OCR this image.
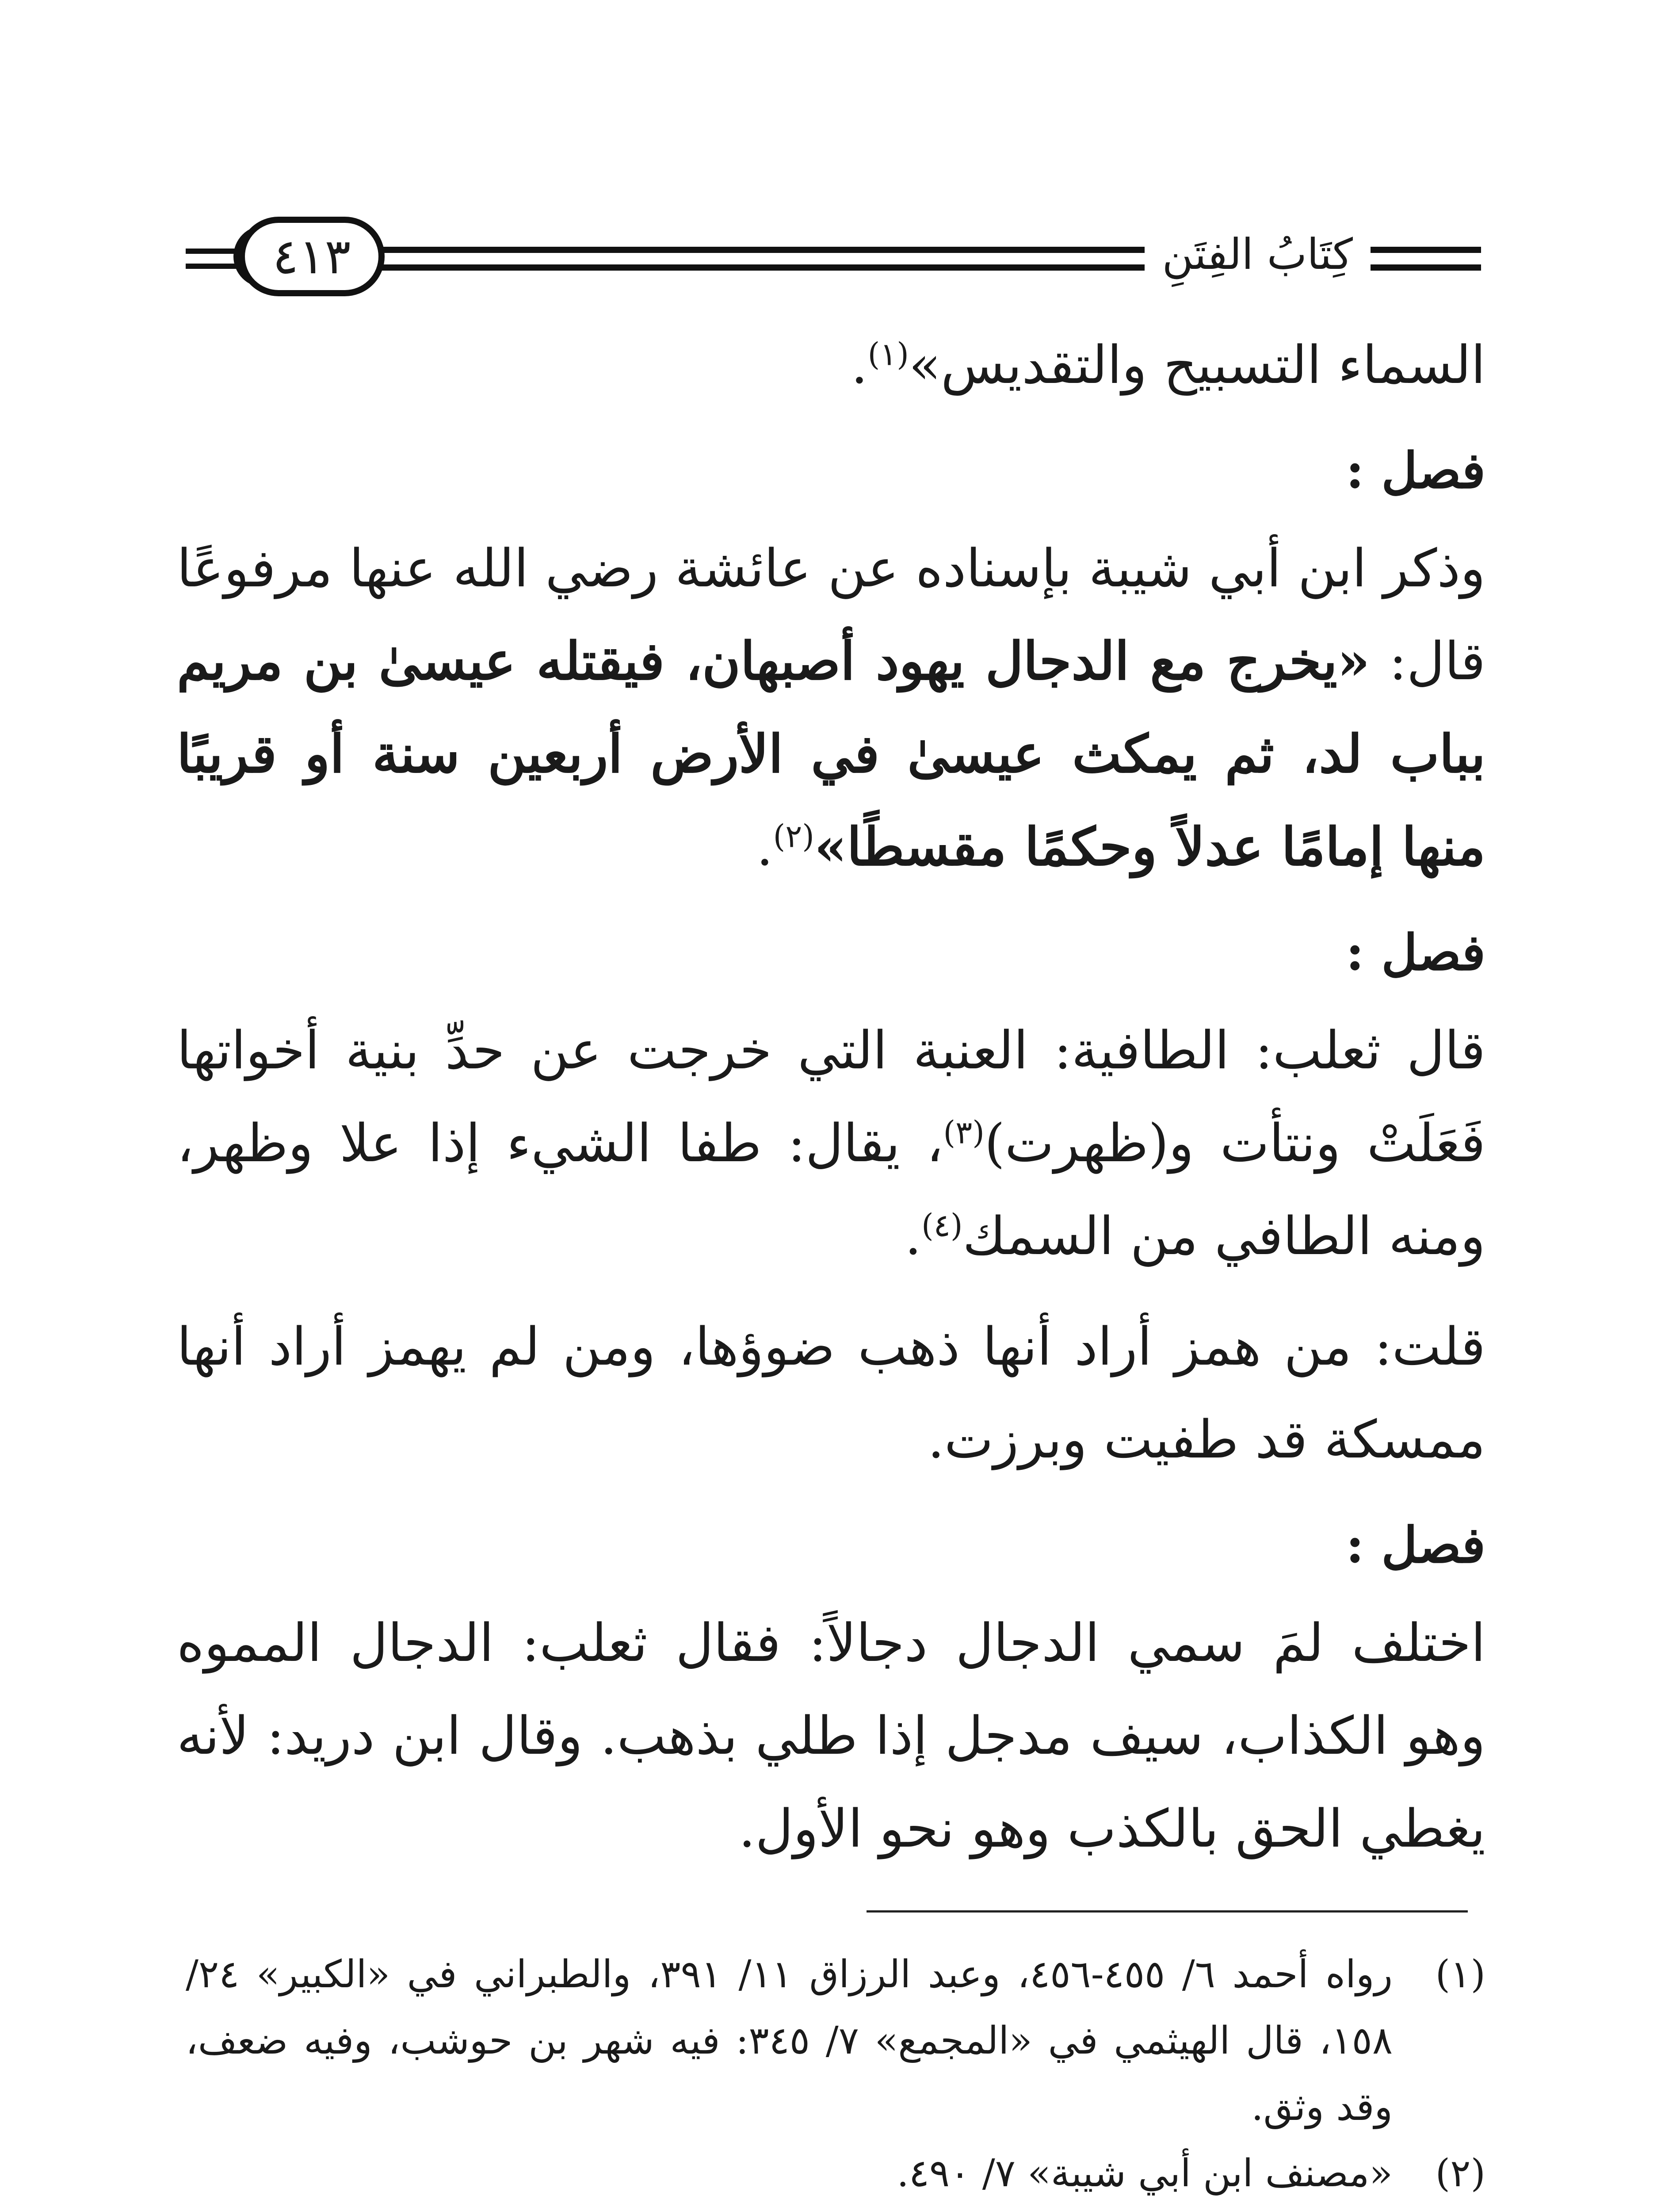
٤١٣	كِتَابُ الفِتَنِ

السماء التسبيح والتقديس»$^{(١)}$.

فصل :

وذكر ابن أبي شيبة بإسناده عن عائشة رضي الله عنها مرفوعًا قال: «يخرج مع الدجال يهود أصبهان، فيقتله عيسىٰ بن مريم بباب لد، ثم يمكث عيسىٰ في الأرض أربعين سنة أو قريبًا منها إمامًا عدلاً وحكمًا مقسطًا»$^{(٢)}$.

فصل :

قال ثعلب: الطافية: العنبة التي خرجت عن حدِّ بنية أخواتها فَعَلَتْ ونتأت و(ظهرت)$^{(٣)}$، يقال: طفا الشيء إذا علا وظهر، ومنه الطافي من السمك$^{(٤)}$.

قلت: من همز أراد أنها ذهب ضوؤها، ومن لم يهمز أراد أنها ممسكة قد طفيت وبرزت.

فصل :

اختلف لمَ سمي الدجال دجالاً: فقال ثعلب: الدجال المموه وهو الكذاب، سيف مدجل إذا طلي بذهب. وقال ابن دريد: لأنه يغطي الحق بالكذب وهو نحو الأول.

(١)
رواه أحمد ٦/ ٤٥٥-٤٥٦، وعبد الرزاق ١١/ ٣٩١، والطبراني في «الكبير» ٢٤/ ١٥٨، قال الهيثمي في «المجمع» ٧/ ٣٤٥: فيه شهر بن حوشب، وفيه ضعف، وقد وثق.
(٢)
«مصنف ابن أبي شيبة» ٧/ ٤٩٠.
